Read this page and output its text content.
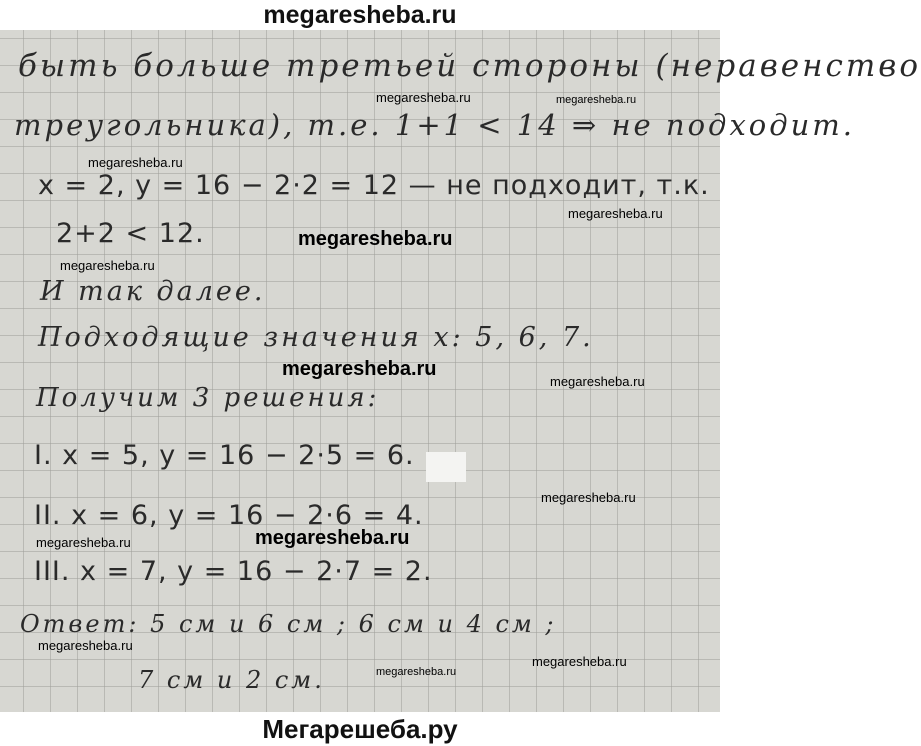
megaresheba.ru
быть больше третьей стороны (неравенство
треугольника), т.е. 1+1 < 14 ⇒ не подходит.
x = 2, y = 16 − 2·2 = 12 — не подходит, т.к.
2+2 < 12.
И так далее.
Подходящие значения x: 5, 6, 7.
Получим 3 решения:
I. x = 5, y = 16 − 2·5 = 6.
II. x = 6, y = 16 − 2·6 = 4.
III. x = 7, y = 16 − 2·7 = 2.
Ответ: 5 см и 6 см ; 6 см и 4 см ;
7 см и 2 см.
megaresheba.ru	megaresheba.ru
megaresheba.ru
megaresheba.ru
megaresheba.ru
megaresheba.ru
megaresheba.ru
megaresheba.ru
megaresheba.ru
megaresheba.ru
megaresheba.ru
megaresheba.ru
megaresheba.ru
megaresheba.ru
Мегарешеба.ру
